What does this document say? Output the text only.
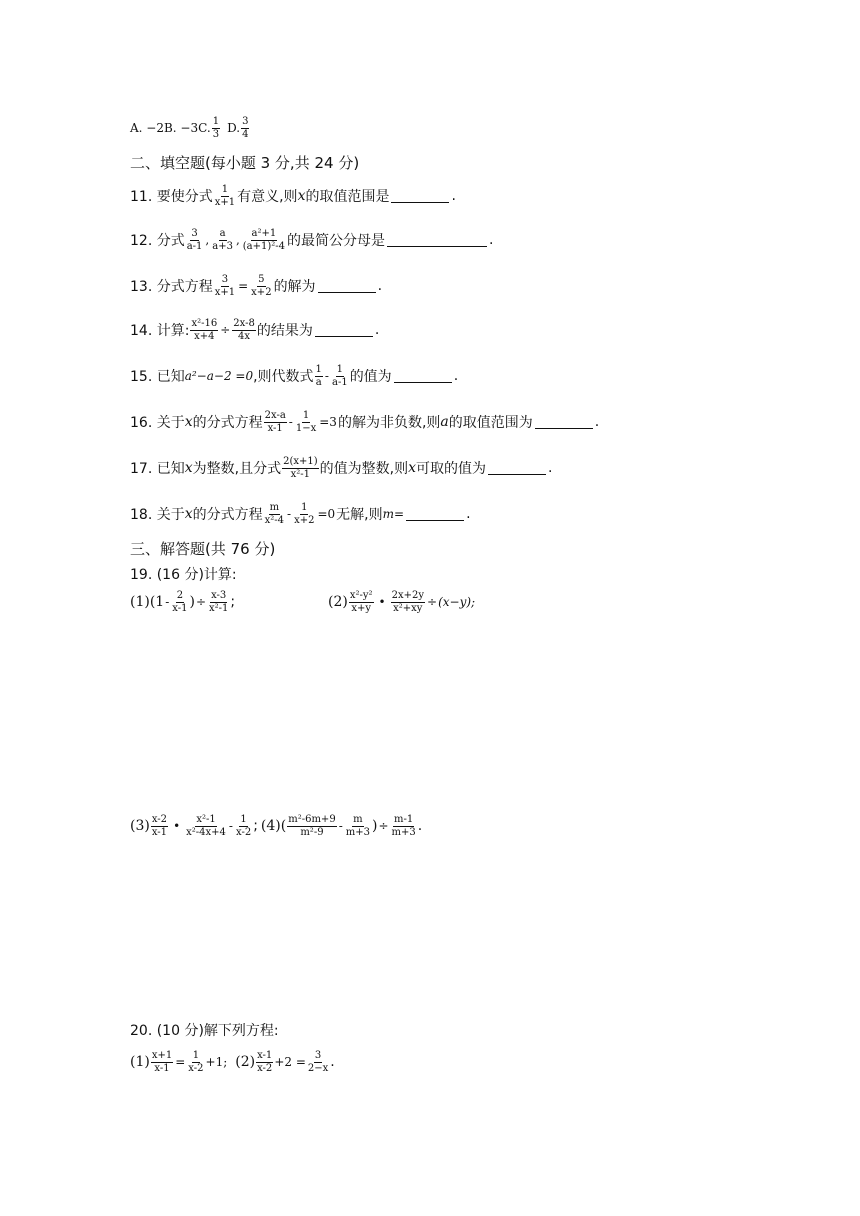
A. −2 B. −3 C. $\frac{1}{3} D$. $\frac{3}{4}$
二、填空题(每小题 3 分,共 24 分)
11. 要使分式 $\frac{1}{x+1}$ 有意义,则 x 的取值范围是	.
12. 分式 $\frac{3}{a-1}$ , $\frac{a}{a+3}$ , $\frac{\text{a²+1}}{\text{(a+1)²-4}}$ 的最简公分母是	.
13. 分式方程 $\frac{3}{x+1} = \frac{5}{x+2}$ 的解为	.
14. 计算: $\frac{\text{x²-16}}{x+4} \div \frac{2x-8}{4x}$ 的结果为	.
15. 已知 a²−a−2 =0 ,则代数式 $\frac{1}{a} - \frac{1}{a-1}$ 的值为	.
16. 关于 x 的分式方程 $\frac{2x-a}{x-1} - \frac{1}{1-x} =3$ 的解为非负数,则 a 的取值范围为	.
17. 已知 x 为整数,且分式 $\frac{2(x+1)}{\text{x²-1}}$ 的值为整数,则 x 可取的值为	.
18. 关于 x 的分式方程 $\frac{m}{\text{x²-4}} - \frac{1}{x+2} =0$ 无解,则 m=	.
三、解答题(共 76 分)
19. (16 分)计算:
$(1)(1 - \frac{2}{x-1}$ ) ÷ $\frac{x-3}{\text{x²-1}}$ ;	$(2) \frac{\text{x²-y²}}{x+y}$ • $\frac{2x+2y}{\text{x²+xy}} \div (x-y)$;
$(3) \frac{x-2}{x-1}$ • $\frac{\text{x²-1}}{\text{x²-4x+4}} - \frac{1}{x-2}$ ; $(4)( \frac{\text{m²-6m+9}}{\text{m²-9}} - \frac{m}{m+3}$ ) ÷ $\frac{m-1}{m+3}$ .
20. (10 分)解下列方程:
$(1) \frac{x+1}{x-1} = \frac{1}{x-2} +1$; $(2) \frac{x-1}{x-2} +2 = \frac{3}{2-x}$ .
